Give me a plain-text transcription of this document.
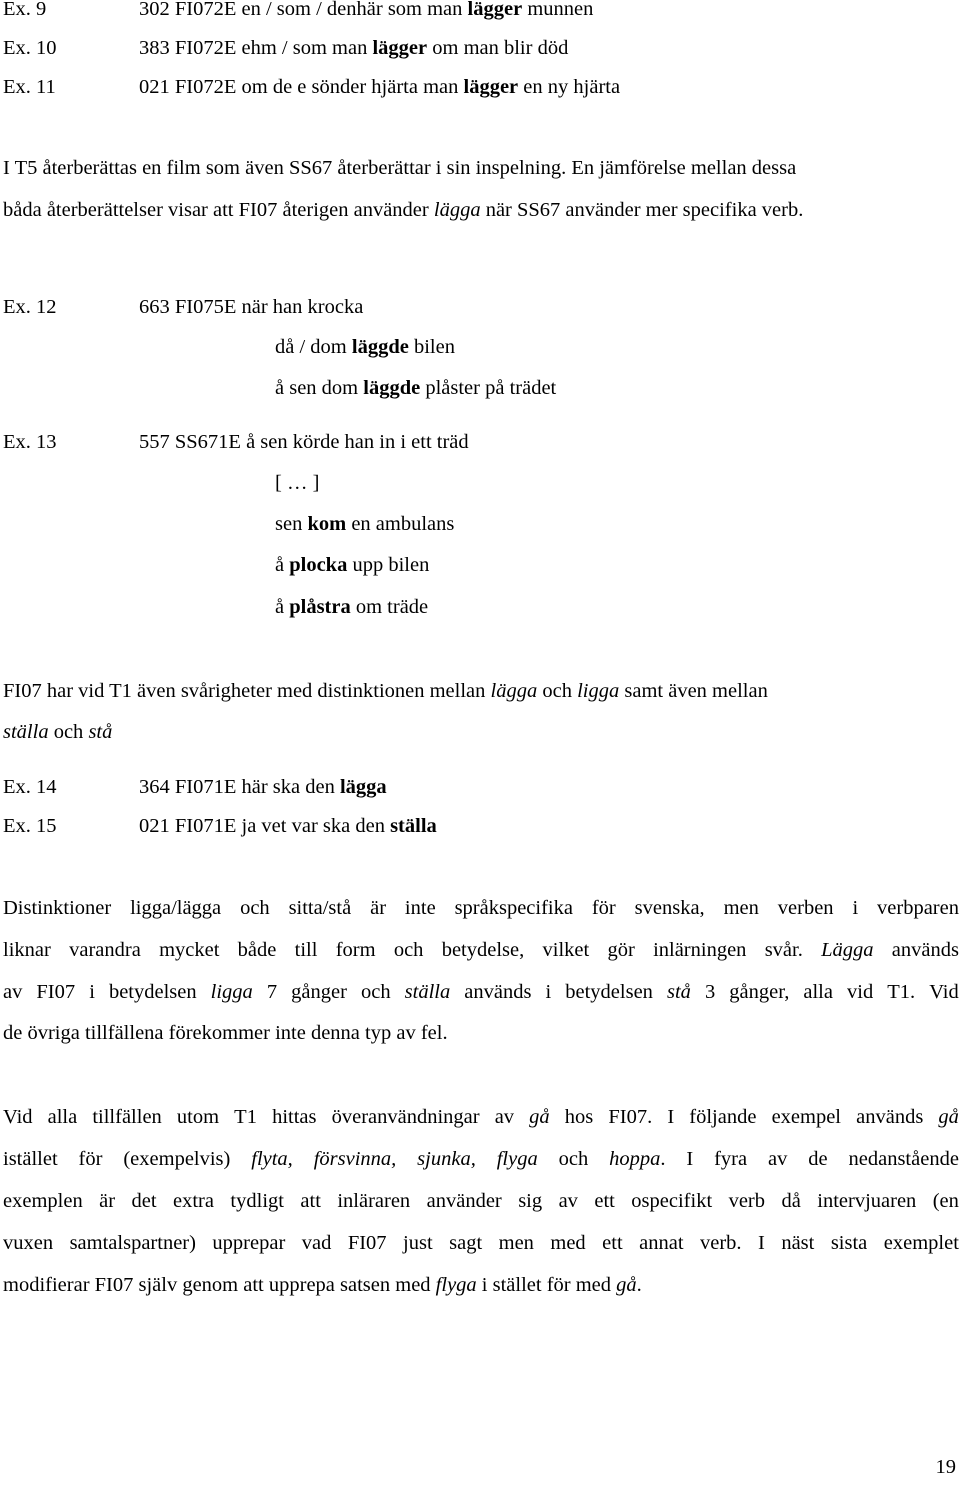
Ex. 9	302 FI072E en / som / denhär som man lägger munnen
Ex. 10	383 FI072E ehm / som man lägger om man blir död
Ex. 11	021 FI072E om de e sönder hjärta man lägger en ny hjärta
I T5 återberättas en film som även SS67 återberättar i sin inspelning. En jämförelse mellan dessa
båda återberättelser visar att FI07 återigen använder lägga när SS67 använder mer specifika verb.
Ex. 12	663 FI075E när han krocka
då / dom läggde bilen
å sen dom läggde plåster på trädet
Ex. 13	557 SS671E å sen körde han in i ett träd
[ … ]
sen kom en ambulans
å plocka upp bilen
å plåstra om träde
FI07 har vid T1 även svårigheter med distinktionen mellan lägga och ligga samt även mellan
ställa och stå
Ex. 14	364 FI071E här ska den lägga
Ex. 15	021 FI071E ja vet var ska den ställa
Distinktioner ligga/lägga och sitta/stå är inte språkspecifika för svenska, men verben i verbparen
liknar varandra mycket både till form och betydelse, vilket gör inlärningen svår. Lägga används
av FI07 i betydelsen ligga 7 gånger och ställa används i betydelsen stå 3 gånger, alla vid T1. Vid
de övriga tillfällena förekommer inte denna typ av fel.
Vid alla tillfällen utom T1 hittas överanvändningar av gå hos FI07. I följande exempel används gå
istället för (exempelvis) flyta, försvinna, sjunka, flyga och hoppa. I fyra av de nedanstående
exemplen är det extra tydligt att inläraren använder sig av ett ospecifikt verb då intervjuaren (en
vuxen samtalspartner) upprepar vad FI07 just sagt men med ett annat verb. I näst sista exemplet
modifierar FI07 själv genom att upprepa satsen med flyga i stället för med gå.
19
